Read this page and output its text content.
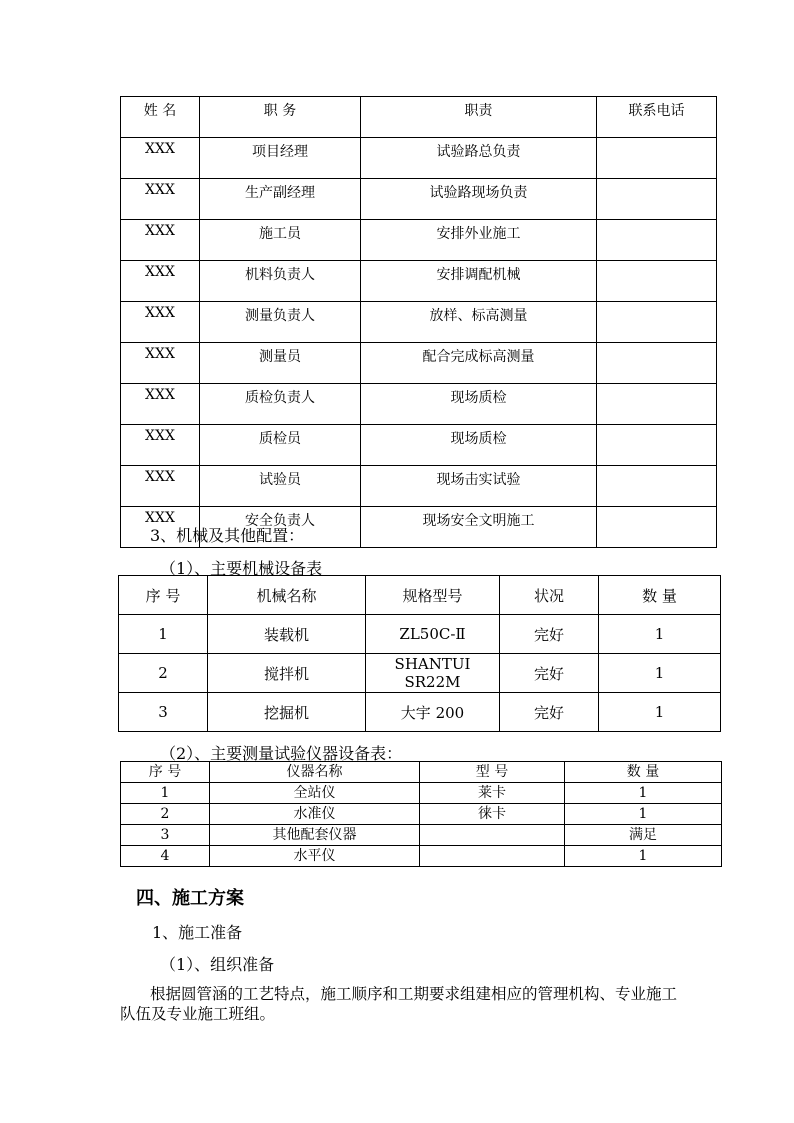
姓 名	职 务	职责	联系电话
XXX	项目经理	试验路总负责	
XXX	生产副经理	试验路现场负责	
XXX	施工员	安排外业施工	
XXX	机料负责人	安排调配机械	
XXX	测量负责人	放样、标高测量	
XXX	测量员	配合完成标高测量	
XXX	质检负责人	现场质检	
XXX	质检员	现场质检	
XXX	试验员	现场击实试验	
XXX	安全负责人	现场安全文明施工	
3、机械及其他配置：
（1）、主要机械设备表
序 号	机械名称	规格型号	状况	数 量
1	装载机	ZL50C-Ⅱ	完好	1
2	搅拌机	SHANTUI SR22M	完好	1
3	挖掘机	大宇 200	完好	1
（2）、主要测量试验仪器设备表：
序 号	仪器名称	型 号	数 量
1	全站仪	莱卡	1
2	水准仪	徕卡	1
3	其他配套仪器		满足
4	水平仪		1
四、施工方案
1、施工准备
（1）、组织准备
根据圆管涵的工艺特点，施工顺序和工期要求组建相应的管理机构、专业施工队伍及专业施工班组。
